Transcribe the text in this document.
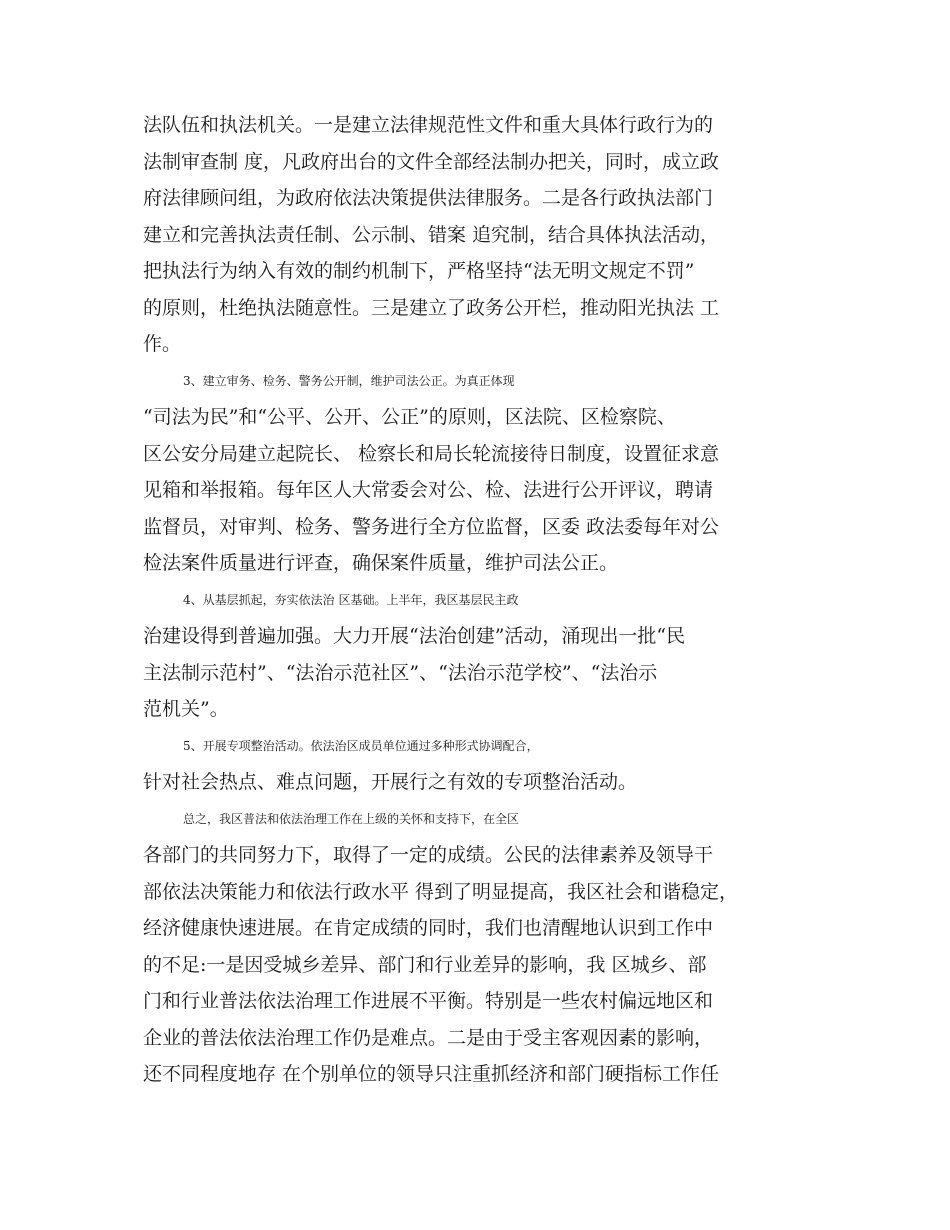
法队伍和执法机关。一是建立法律规范性文件和重大具体行政行为的
法制审查制 度，凡政府出台的文件全部经法制办把关，同时，成立政
府法律顾问组，为政府依法决策提供法律服务。二是各行政执法部门
建立和完善执法责任制、公示制、错案 追究制，结合具体执法活动，
把执法行为纳入有效的制约机制下，严格坚持“法无明文规定不罚”
的原则，杜绝执法随意性。三是建立了政务公开栏，推动阳光执法 工
作。
3、建立审务、检务、警务公开制，维护司法公正。为真正体现
“司法为民”和“公平、公开、公正”的原则，区法院、区检察院、
区公安分局建立起院长、 检察长和局长轮流接待日制度，设置征求意
见箱和举报箱。每年区人大常委会对公、检、法进行公开评议，聘请
监督员，对审判、检务、警务进行全方位监督，区委 政法委每年对公
检法案件质量进行评查，确保案件质量，维护司法公正。
4、从基层抓起，夯实依法治 区基础。上半年，我区基层民主政
治建设得到普遍加强。大力开展“法治创建”活动，涌现出一批“民
主法制示范村”、“法治示范社区”、“法治示范学校”、“法治示
范机关”。
5、开展专项整治活动。依法治区成员单位通过多种形式协调配合，
针对社会热点、难点问题，开展行之有效的专项整治活动。
总之，我区普法和依法治理工作在上级的关怀和支持下，在全区
各部门的共同努力下，取得了一定的成绩。公民的法律素养及领导干
部依法决策能力和依法行政水平 得到了明显提高，我区社会和谐稳定，
经济健康快速进展。在肯定成绩的同时，我们也清醒地认识到工作中
的不足:一是因受城乡差异、部门和行业差异的影响，我 区城乡、部
门和行业普法依法治理工作进展不平衡。特别是一些农村偏远地区和
企业的普法依法治理工作仍是难点。二是由于受主客观因素的影响，
还不同程度地存 在个别单位的领导只注重抓经济和部门硬指标工作任
